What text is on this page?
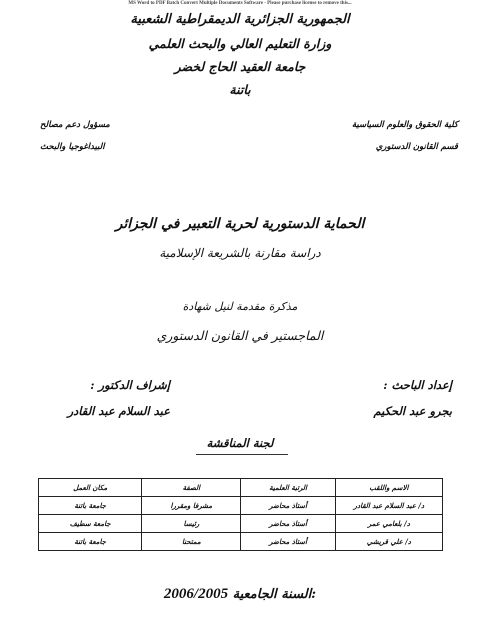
MS Word to PDF Batch Convert Multiple Documents Software - Please purchase license to remove this...
الجمهورية الجزائرية الديمقراطية الشعبية
وزارة التعليم العالي والبحث العلمي
جامعة العقيد الحاج لخضر
باتنة
كلية الحقوق والعلوم السياسية
قسم القانون الدستوري
مسؤول دعم مصالح
البيداغوجيا والبحث
الحماية الدستورية لحرية التعبير في الجزائر
دراسة مقارنة بالشريعة الإسلامية
مذكرة مقدمة لنيل شهادة
الماجستير في القانون الدستوري
إعداد الباحث :
بجرو عبد الحكيم
إشراف الدكتور :
عبد السلام عبد القادر
لجنة المناقشة
الاسم واللقب	الرتبة العلمية	الصفة	مكان العمل
د/ عبد السلام عبد القادر	أستاذ محاضر	مشرفا ومقررا	جامعة باتنة
د/ بلعامي عمر	أستاذ محاضر	رئيسا	جامعة سطيف
د/ علي قريشي	أستاذ محاضر	ممتحنا	جامعة باتنة
2006/2005 السنة الجامعية:
